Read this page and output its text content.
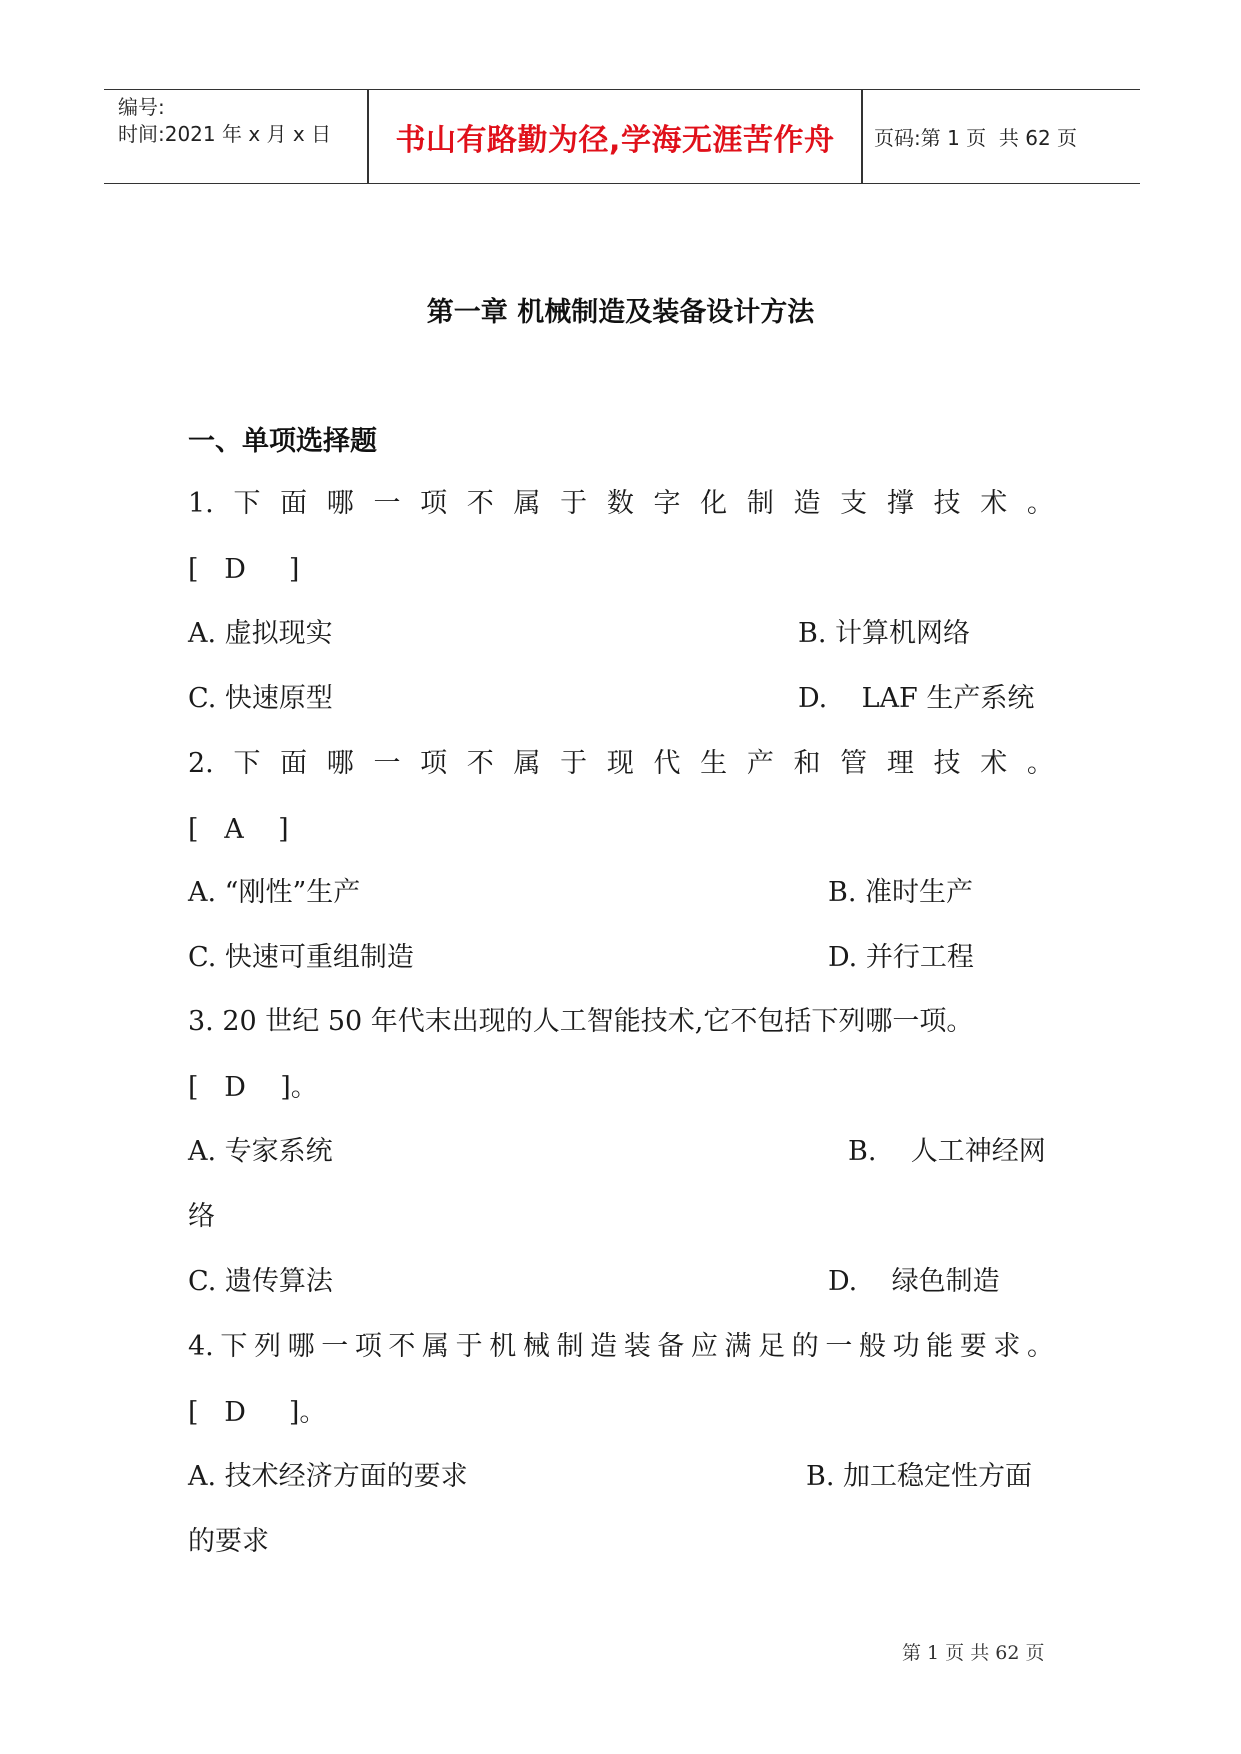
编号:
时间:2021 年 x 月 x 日	书山有路勤为径,学海无涯苦作舟	页码:第 1 页  共 62 页
第一章 机械制造及装备设计方法
一、单项选择题
1. 下 面 哪 一 项 不 属 于 数 字 化 制 造 支 撑 技 术 。
[   D     ]
A. 虚拟现实	B. 计算机网络
C. 快速原型	D.    LAF 生产系统
2. 下 面 哪 一 项 不 属 于 现 代 生 产 和 管 理 技 术 。
[   A    ]
A. “刚性”生产	B. 准时生产
C. 快速可重组制造	D. 并行工程
3. 20 世纪 50 年代末出现的人工智能技术,它不包括下列哪一项。
[   D    ]。
A. 专家系统	B.    人工神经网
络
C. 遗传算法	D.    绿色制造
4. 下 列 哪 一 项 不 属 于 机 械 制 造 装 备 应 满 足 的 一 般 功 能 要 求 。
[   D     ]。
A. 技术经济方面的要求	B. 加工稳定性方面
的要求
第 1 页 共 62 页
